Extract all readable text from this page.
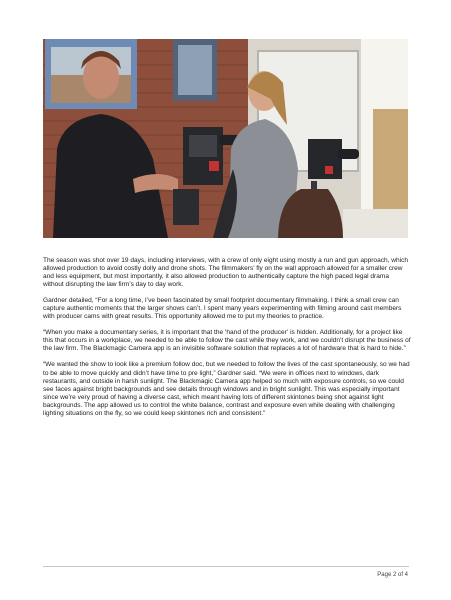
The season was shot over 19 days, including interviews, with a crew of only eight using mostly a run and gun approach, which allowed production to avoid costly dolly and drone shots. The filmmakers’ fly on the wall approach allowed for a smaller crew and less equipment, but most importantly, it also allowed production to authentically capture the high paced legal drama without disrupting the law firm’s day to day work.

Gardner detailed, “For a long time, I’ve been fascinated by small footprint documentary filmmaking. I think a small crew can capture authentic moments that the larger shows can’t. I spent many years experimenting with filming around cast members with producer cams with great results. This opportunity allowed me to put my theories to practice.

“When you make a documentary series, it is important that the ‘hand of the producer’ is hidden. Additionally, for a project like this that occurs in a workplace, we needed to be able to follow the cast while they work, and we couldn’t disrupt the business of the law firm. The Blackmagic Camera app is an invisible software solution that replaces a lot of hardware that is hard to hide.”

“We wanted the show to look like a premium follow doc, but we needed to follow the lives of the cast spontaneously, so we had to be able to move quickly and didn’t have time to pre light,” Gardner said. “We were in offices next to windows, dark restaurants, and outside in harsh sunlight. The Blackmagic Camera app helped so much with exposure controls, so we could see faces against bright backgrounds and see details through windows and in bright sunlight. This was especially important since we’re very proud of having a diverse cast, which meant having lots of different skintones being shot against light backgrounds. The app allowed us to control the white balance, contrast and exposure even while dealing with challenging lighting situations on the fly, so we could keep skintones rich and consistent.”

Page 2 of 4
